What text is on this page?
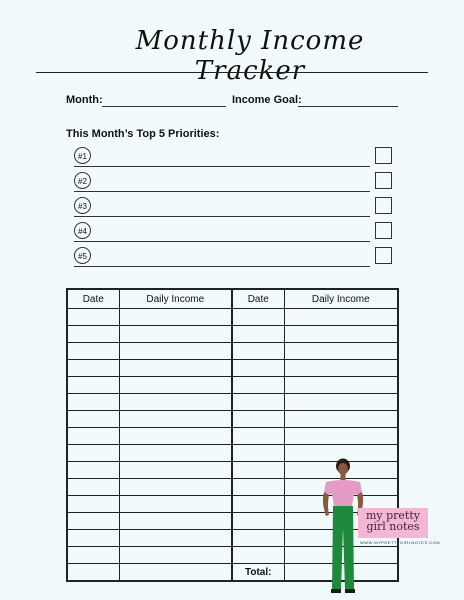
Monthly Income Tracker
Month:	Income Goal:
This Month’s Top 5 Priorities:
#1
#2
#3
#4
#5
Date	Daily Income	Date	Daily Income

		Total:	
my pretty girl notes
WWW.MYPRETTYGIRLNOTES.COM
